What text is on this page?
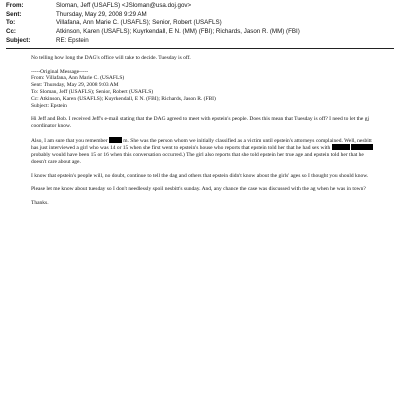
From:	Sloman, Jeff (USAFLS) <JSloman@usa.doj.gov>
Sent:	Thursday, May 29, 2008 9:29 AM
To:	Villafana, Ann Marie C. (USAFLS); Senior, Robert (USAFLS)
Cc:	Atkinson, Karen (USAFLS); Kuyrkendall, E N. (MM) (FBI); Richards, Jason R. (MM) (FBI)
Subject:	RE: Epstein

No telling how long the DAG's office will take to decide. Tuesday is off.

-----Original Message-----
From: Villafana, Ann Marie C. (USAFLS)
Sent: Thursday, May 29, 2008 9:03 AM
To: Sloman, Jeff (USAFLS); Senior, Robert (USAFLS)
Cc: Atkinson, Karen (USAFLS); Kuyrkendall, E N. (FBI); Richards, Jason R. (FBI)
Subject: Epstein

Hi Jeff and Bob. I received Jeff's e-mail stating that the DAG agreed to meet with epstein's people. Does this mean that Tuesday is off? I need to let the gj coordinator know.

Also, I am sure that you remember	m. She was the person whom we initially classified as a victim until epstein's attorneys complained. Well, nesbitt has just interviewed a girl who was 14 or 15 when she first went to epstein's house who reports that epstein told her that he had sex with   probably would have been 15 or 16 when this conversation occurred.) The girl also reports that she told epstein her true age and epstein told her that he doesn't care about age.

I know that epstein's people will, no doubt, continue to tell the dag and others that epstein didn't know about the girls' ages so I thought you should know.

Please let me know about tuesday so I don't needlessly spoil nesbitt's sunday. And, any chance the case was discussed with the ag when he was in town?

Thanks.
